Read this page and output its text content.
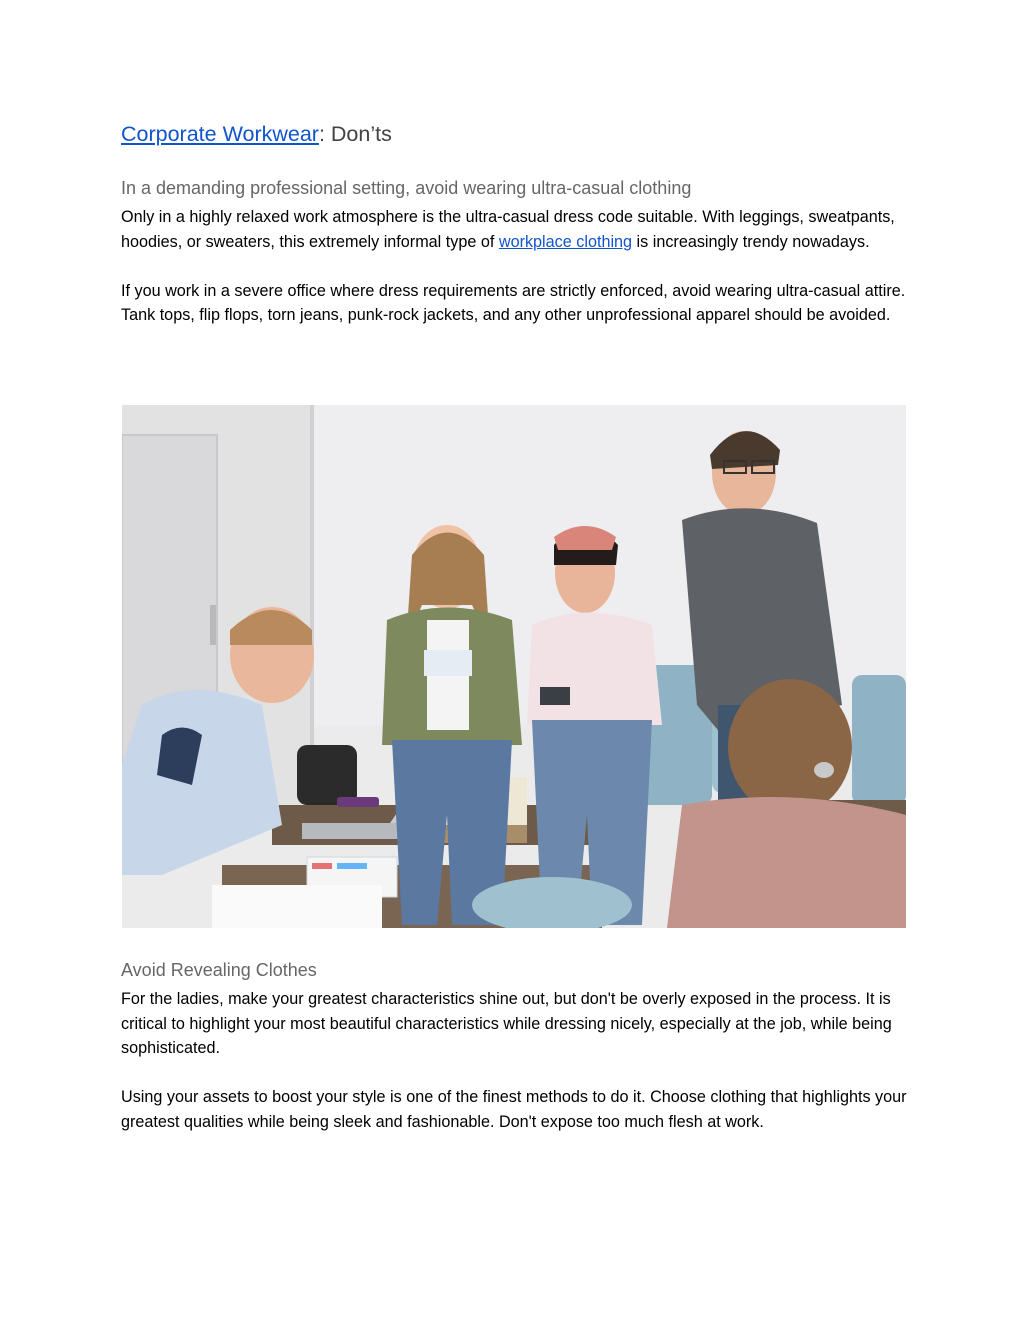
Corporate Workwear: Don’ts
In a demanding professional setting, avoid wearing ultra-casual clothing

Only in a highly relaxed work atmosphere is the ultra-casual dress code suitable. With leggings, sweatpants, hoodies, or sweaters, this extremely informal type of workplace clothing is increasingly trendy nowadays.

If you work in a severe office where dress requirements are strictly enforced, avoid wearing ultra-casual attire. Tank tops, flip flops, torn jeans, punk-rock jackets, and any other unprofessional apparel should be avoided.

Avoid Revealing Clothes

For the ladies, make your greatest characteristics shine out, but don't be overly exposed in the process. It is critical to highlight your most beautiful characteristics while dressing nicely, especially at the job, while being sophisticated.

Using your assets to boost your style is one of the finest methods to do it. Choose clothing that highlights your greatest qualities while being sleek and fashionable. Don't expose too much flesh at work.
